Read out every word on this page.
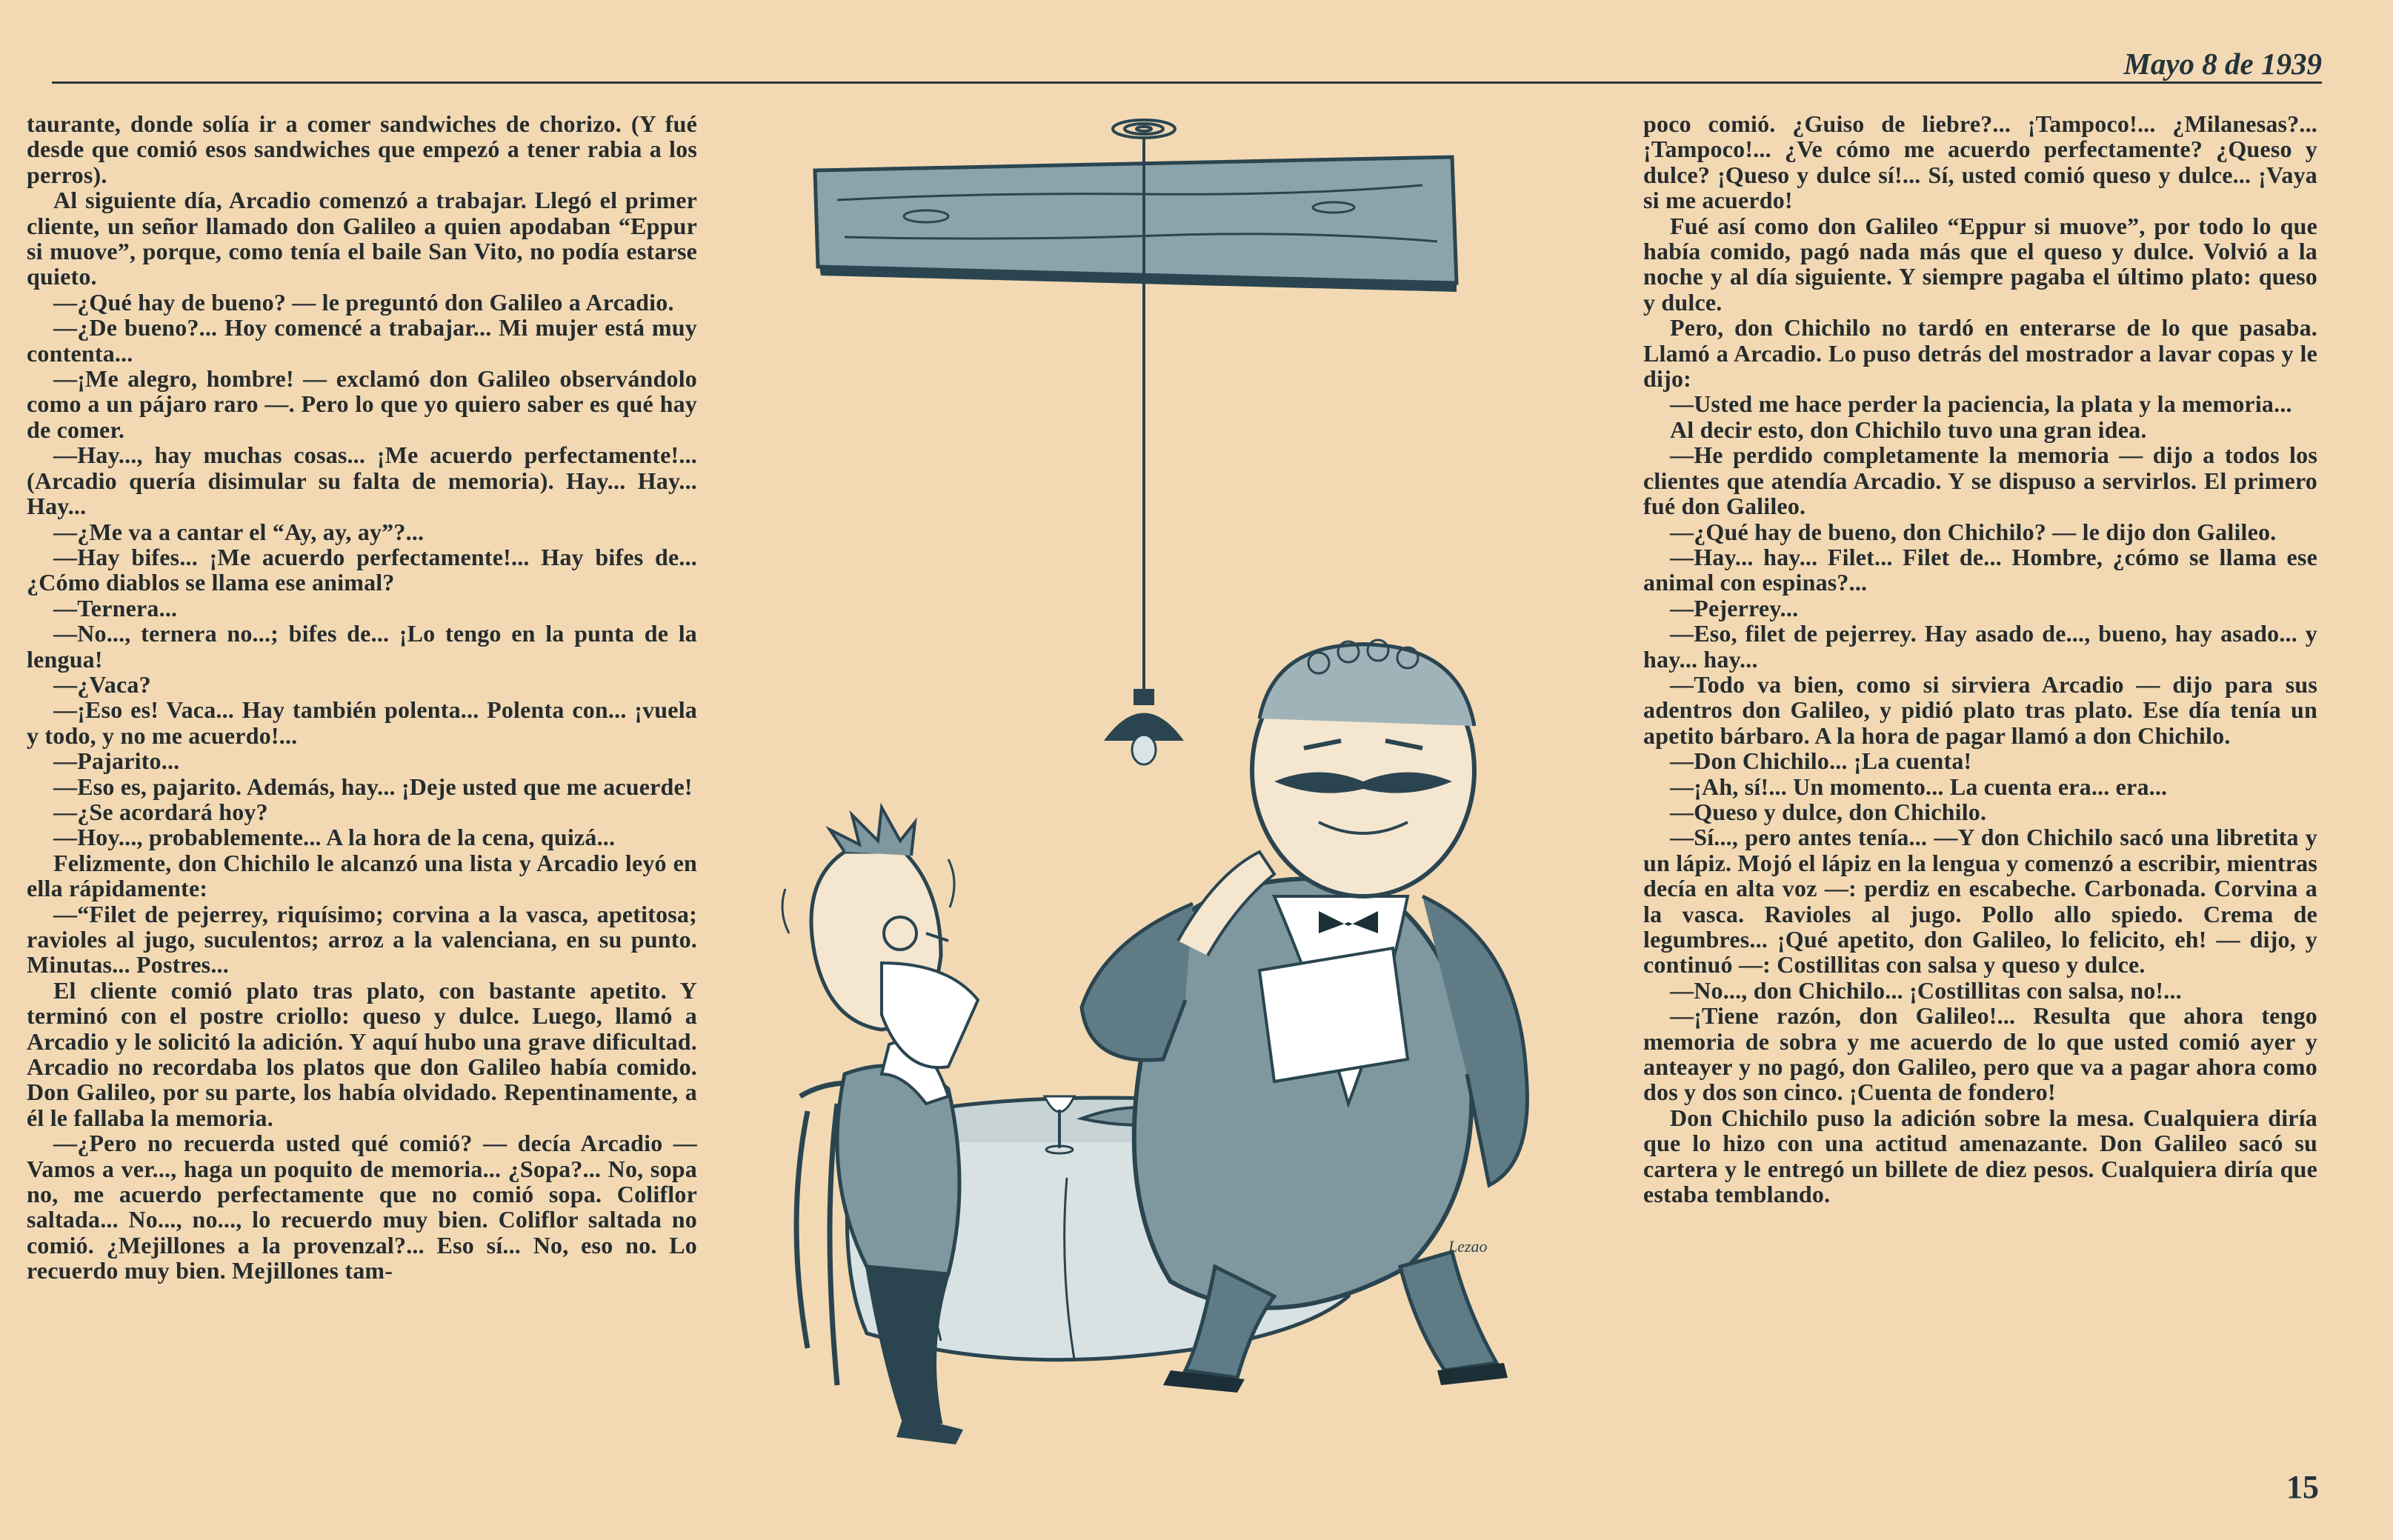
Mayo 8 de 1939

taurante, donde solía ir a comer sandwiches de chorizo. (Y fué desde que comió esos sandwiches que empezó a tener rabia a los perros).

Al siguiente día, Arcadio comenzó a trabajar. Llegó el primer cliente, un señor llamado don Galileo a quien apodaban “Eppur si muove”, porque, como tenía el baile San Vito, no podía estarse quieto.

—¿Qué hay de bueno? — le preguntó don Galileo a Arcadio.

—¿De bueno?... Hoy comencé a trabajar... Mi mujer está muy contenta...

—¡Me alegro, hombre! — exclamó don Galileo observándolo como a un pájaro raro —. Pero lo que yo quiero saber es qué hay de comer.

—Hay..., hay muchas cosas... ¡Me acuerdo perfectamente!... (Arcadio quería disimular su falta de memoria). Hay... Hay... Hay...

—¿Me va a cantar el “Ay, ay, ay”?...

—Hay bifes... ¡Me acuerdo perfectamente!... Hay bifes de... ¿Cómo diablos se llama ese animal?

—Ternera...

—No..., ternera no...; bifes de... ¡Lo tengo en la punta de la lengua!

—¿Vaca?

—¡Eso es! Vaca... Hay también polenta... Polenta con... ¡vuela y todo, y no me acuerdo!...

—Pajarito...

—Eso es, pajarito. Además, hay... ¡Deje usted que me acuerde!

—¿Se acordará hoy?

—Hoy..., probablemente... A la hora de la cena, quizá...

Felizmente, don Chichilo le alcanzó una lista y Arcadio leyó en ella rápidamente:

—“Filet de pejerrey, riquísimo; corvina a la vasca, apetitosa; ravioles al jugo, suculentos; arroz a la valenciana, en su punto. Minutas... Postres...

El cliente comió plato tras plato, con bastante apetito. Y terminó con el postre criollo: queso y dulce. Luego, llamó a Arcadio y le solicitó la adición. Y aquí hubo una grave dificultad. Arcadio no recordaba los platos que don Galileo había comido. Don Galileo, por su parte, los había olvidado. Repentinamente, a él le fallaba la memoria.

—¿Pero no recuerda usted qué comió? — decía Arcadio — Vamos a ver..., haga un poquito de memoria... ¿Sopa?... No, sopa no, me acuerdo perfectamente que no comió sopa. Coliflor saltada... No..., no..., lo recuerdo muy bien. Coliflor saltada no comió. ¿Mejillones a la provenzal?... Eso sí... No, eso no. Lo recuerdo muy bien. Mejillones tam-

Lezao

poco comió. ¿Guiso de liebre?... ¡Tampoco!... ¿Milanesas?... ¡Tampoco!... ¿Ve cómo me acuerdo perfectamente? ¿Queso y dulce? ¡Queso y dulce sí!... Sí, usted comió queso y dulce... ¡Vaya si me acuerdo!

Fué así como don Galileo “Eppur si muove”, por todo lo que había comido, pagó nada más que el queso y dulce. Volvió a la noche y al día siguiente. Y siempre pagaba el último plato: queso y dulce.

Pero, don Chichilo no tardó en enterarse de lo que pasaba. Llamó a Arcadio. Lo puso detrás del mostrador a lavar copas y le dijo:

—Usted me hace perder la paciencia, la plata y la memoria...

Al decir esto, don Chichilo tuvo una gran idea.

—He perdido completamente la memoria — dijo a todos los clientes que atendía Arcadio. Y se dispuso a servirlos. El primero fué don Galileo.

—¿Qué hay de bueno, don Chichilo? — le dijo don Galileo.

—Hay... hay... Filet... Filet de... Hombre, ¿cómo se llama ese animal con espinas?...

—Pejerrey...

—Eso, filet de pejerrey. Hay asado de..., bueno, hay asado... y hay... hay...

—Todo va bien, como si sirviera Arcadio — dijo para sus adentros don Galileo, y pidió plato tras plato. Ese día tenía un apetito bárbaro. A la hora de pagar llamó a don Chichilo.

—Don Chichilo... ¡La cuenta!

—¡Ah, sí!... Un momento... La cuenta era... era...

—Queso y dulce, don Chichilo.

—Sí..., pero antes tenía... —Y don Chichilo sacó una libretita y un lápiz. Mojó el lápiz en la lengua y comenzó a escribir, mientras decía en alta voz —: perdiz en escabeche. Carbonada. Corvina a la vasca. Ravioles al jugo. Pollo allo spiedo. Crema de legumbres... ¡Qué apetito, don Galileo, lo felicito, eh! — dijo, y continuó —: Costillitas con salsa y queso y dulce.

—No..., don Chichilo... ¡Costillitas con salsa, no!...

—¡Tiene razón, don Galileo!... Resulta que ahora tengo memoria de sobra y me acuerdo de lo que usted comió ayer y anteayer y no pagó, don Galileo, pero que va a pagar ahora como dos y dos son cinco. ¡Cuenta de fondero!

Don Chichilo puso la adición sobre la mesa. Cualquiera diría que lo hizo con una actitud amenazante. Don Galileo sacó su cartera y le entregó un billete de diez pesos. Cualquiera diría que estaba temblando.

15
